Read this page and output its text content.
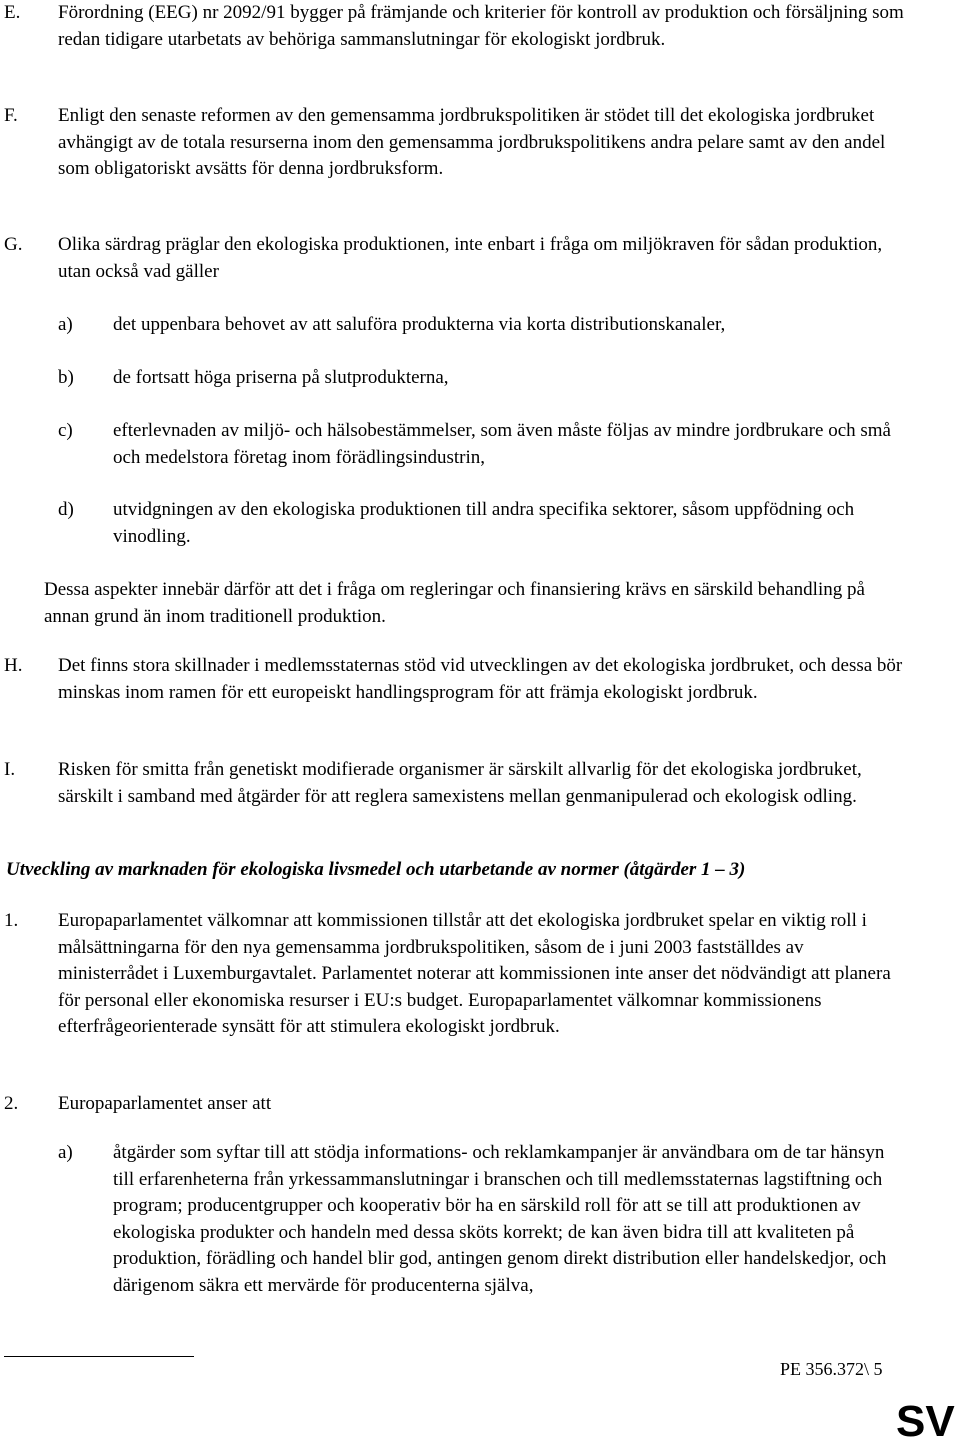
E.	Förordning (EEG) nr 2092/91 bygger på främjande och kriterier för kontroll av produktion och försäljning som redan tidigare utarbetats av behöriga sammanslutningar för ekologiskt jordbruk.
F.	Enligt den senaste reformen av den gemensamma jordbrukspolitiken är stödet till det ekologiska jordbruket avhängigt av de totala resurserna inom den gemensamma jordbrukspolitikens andra pelare samt av den andel som obligatoriskt avsätts för denna jordbruksform.
G.	Olika särdrag präglar den ekologiska produktionen, inte enbart i fråga om miljökraven för sådan produktion, utan också vad gäller
a)	det uppenbara behovet av att saluföra produkterna via korta distributionskanaler,
b)	de fortsatt höga priserna på slutprodukterna,
c)	efterlevnaden av miljö- och hälsobestämmelser, som även måste följas av mindre jordbrukare och små och medelstora företag inom förädlingsindustrin,
d)	utvidgningen av den ekologiska produktionen till andra specifika sektorer, såsom uppfödning och vinodling.
Dessa aspekter innebär därför att det i fråga om regleringar och finansiering krävs en särskild behandling på annan grund än inom traditionell produktion.
H.	Det finns stora skillnader i medlemsstaternas stöd vid utvecklingen av det ekologiska jordbruket, och dessa bör minskas inom ramen för ett europeiskt handlingsprogram för att främja ekologiskt jordbruk.
I.	Risken för smitta från genetiskt modifierade organismer är särskilt allvarlig för det ekologiska jordbruket, särskilt i samband med åtgärder för att reglera samexistens mellan genmanipulerad och ekologisk odling.
Utveckling av marknaden för ekologiska livsmedel och utarbetande av normer (åtgärder 1 – 3)
1.	Europaparlamentet välkomnar att kommissionen tillstår att det ekologiska jordbruket spelar en viktig roll i målsättningarna för den nya gemensamma jordbrukspolitiken, såsom de i juni 2003 fastställdes av ministerrådet i Luxemburgavtalet. Parlamentet noterar att kommissionen inte anser det nödvändigt att planera för personal eller ekonomiska resurser i EU:s budget. Europaparlamentet välkomnar kommissionens efterfrågeorienterade synsätt för att stimulera ekologiskt jordbruk.
2.	Europaparlamentet anser att
a)	åtgärder som syftar till att stödja informations- och reklamkampanjer är användbara om de tar hänsyn till erfarenheterna från yrkessammanslutningar i branschen och till medlemsstaternas lagstiftning och program; producentgrupper och kooperativ bör ha en särskild roll för att se till att produktionen av ekologiska produkter och handeln med dessa sköts korrekt; de kan även bidra till att kvaliteten på produktion, förädling och handel blir god, antingen genom direkt distribution eller handelskedjor, och därigenom säkra ett mervärde för producenterna själva,
PE 356.372\ 5
SV
